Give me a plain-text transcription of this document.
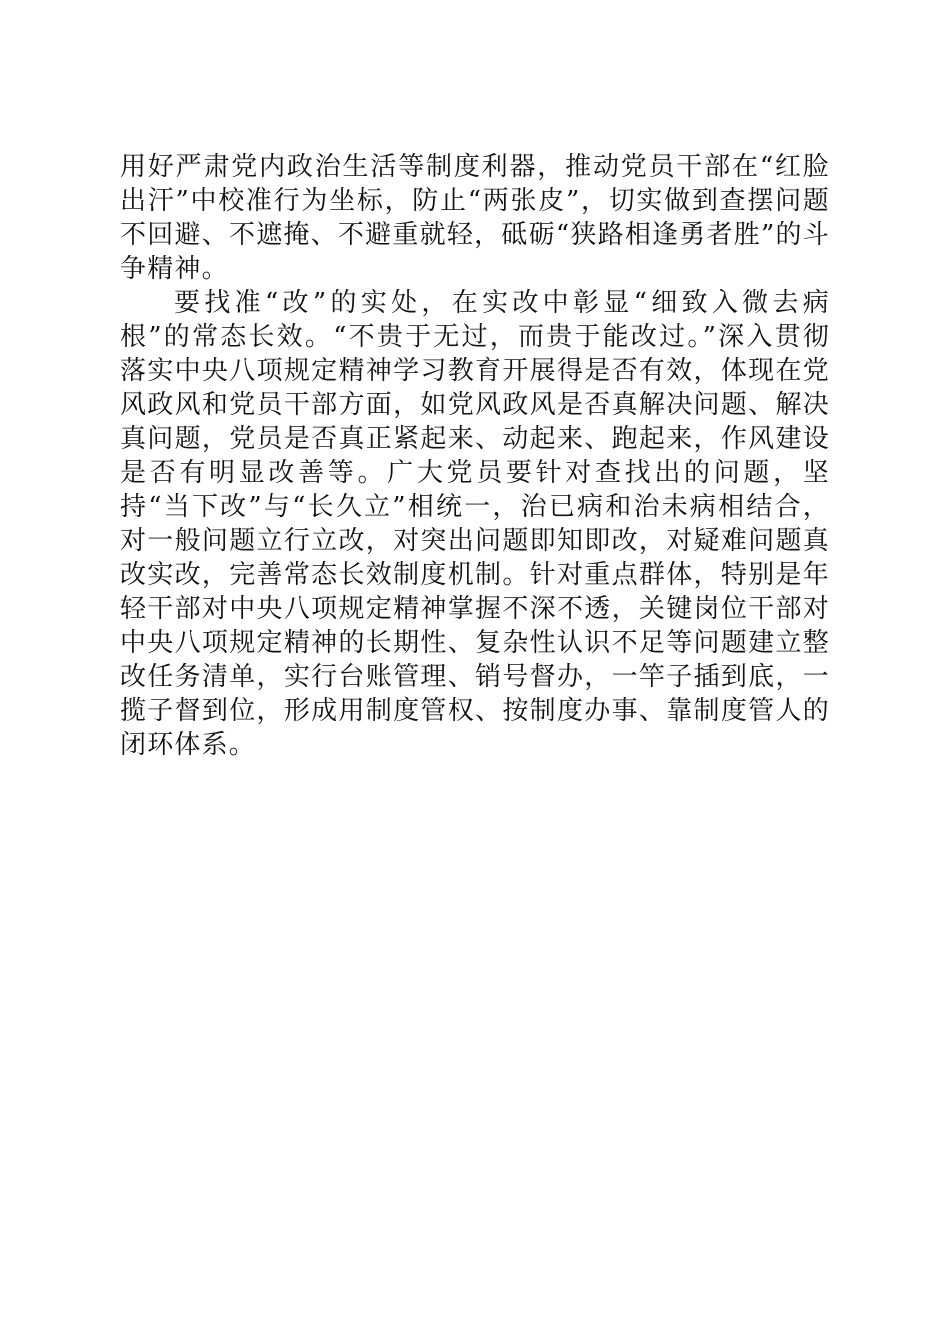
用好严肃党内政治生活等制度利器，推动党员干部在“红脸出汗”中校准行为坐标，防止“两张皮”，切实做到查摆问题不回避、不遮掩、不避重就轻，砥砺“狭路相逢勇者胜”的斗争精神。

要找准“改”的实处，在实改中彰显“细致入微去病根”的常态长效。“不贵于无过，而贵于能改过。”深入贯彻落实中央八项规定精神学习教育开展得是否有效，体现在党风政风和党员干部方面，如党风政风是否真解决问题、解决真问题，党员是否真正紧起来、动起来、跑起来，作风建设是否有明显改善等。广大党员要针对查找出的问题，坚持“当下改”与“长久立”相统一，治已病和治未病相结合，对一般问题立行立改，对突出问题即知即改，对疑难问题真改实改，完善常态长效制度机制。针对重点群体，特别是年轻干部对中央八项规定精神掌握不深不透，关键岗位干部对中央八项规定精神的长期性、复杂性认识不足等问题建立整改任务清单，实行台账管理、销号督办，一竿子插到底，一揽子督到位，形成用制度管权、按制度办事、靠制度管人的闭环体系。
